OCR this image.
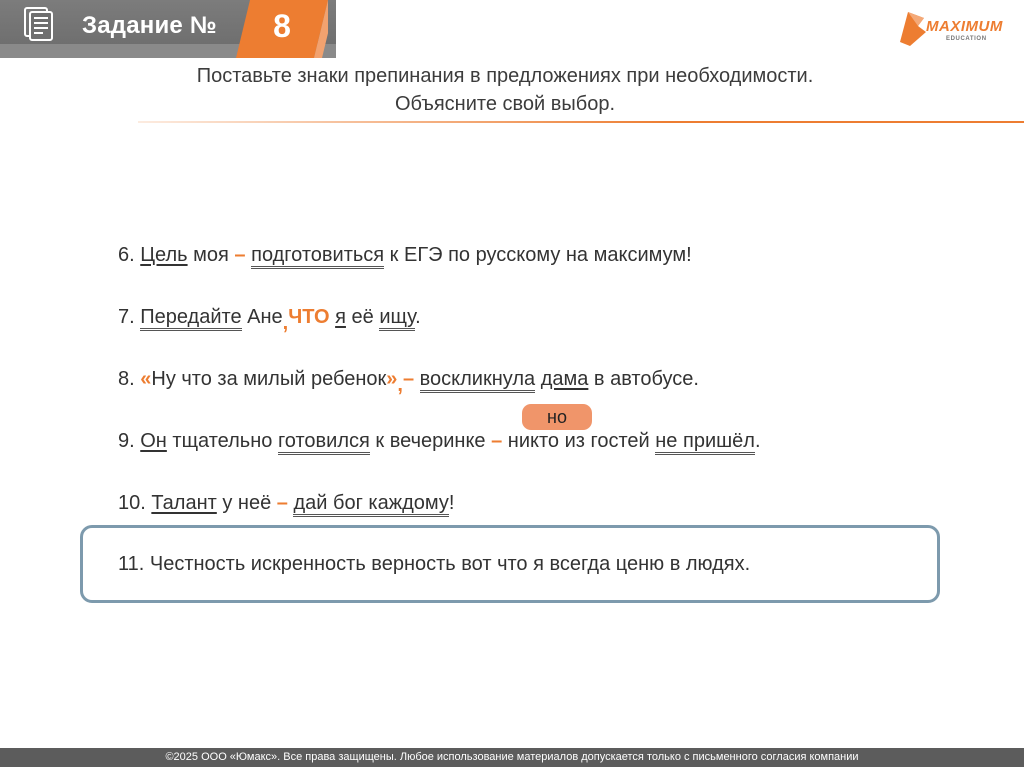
Задание №	8	MAXIMUM
EDUCATION
Поставьте знаки препинания в предложениях при необходимости.
Объясните свой выбор.
6. Цель моя – подготовиться к ЕГЭ по русскому на максимум!
7. Передайте Ане,ЧТО я её ищу.
8. «Ну что за милый ребенок»,– воскликнула дама в автобусе.
но
9. Он тщательно готовился к вечеринке – никто из гостей не пришёл.
10. Талант у неё – дай бог каждому!
11. Честность искренность верность вот что я всегда ценю в людях.
©2025 ООО «Юмакс». Все права защищены. Любое использование материалов допускается только с письменного согласия компании
